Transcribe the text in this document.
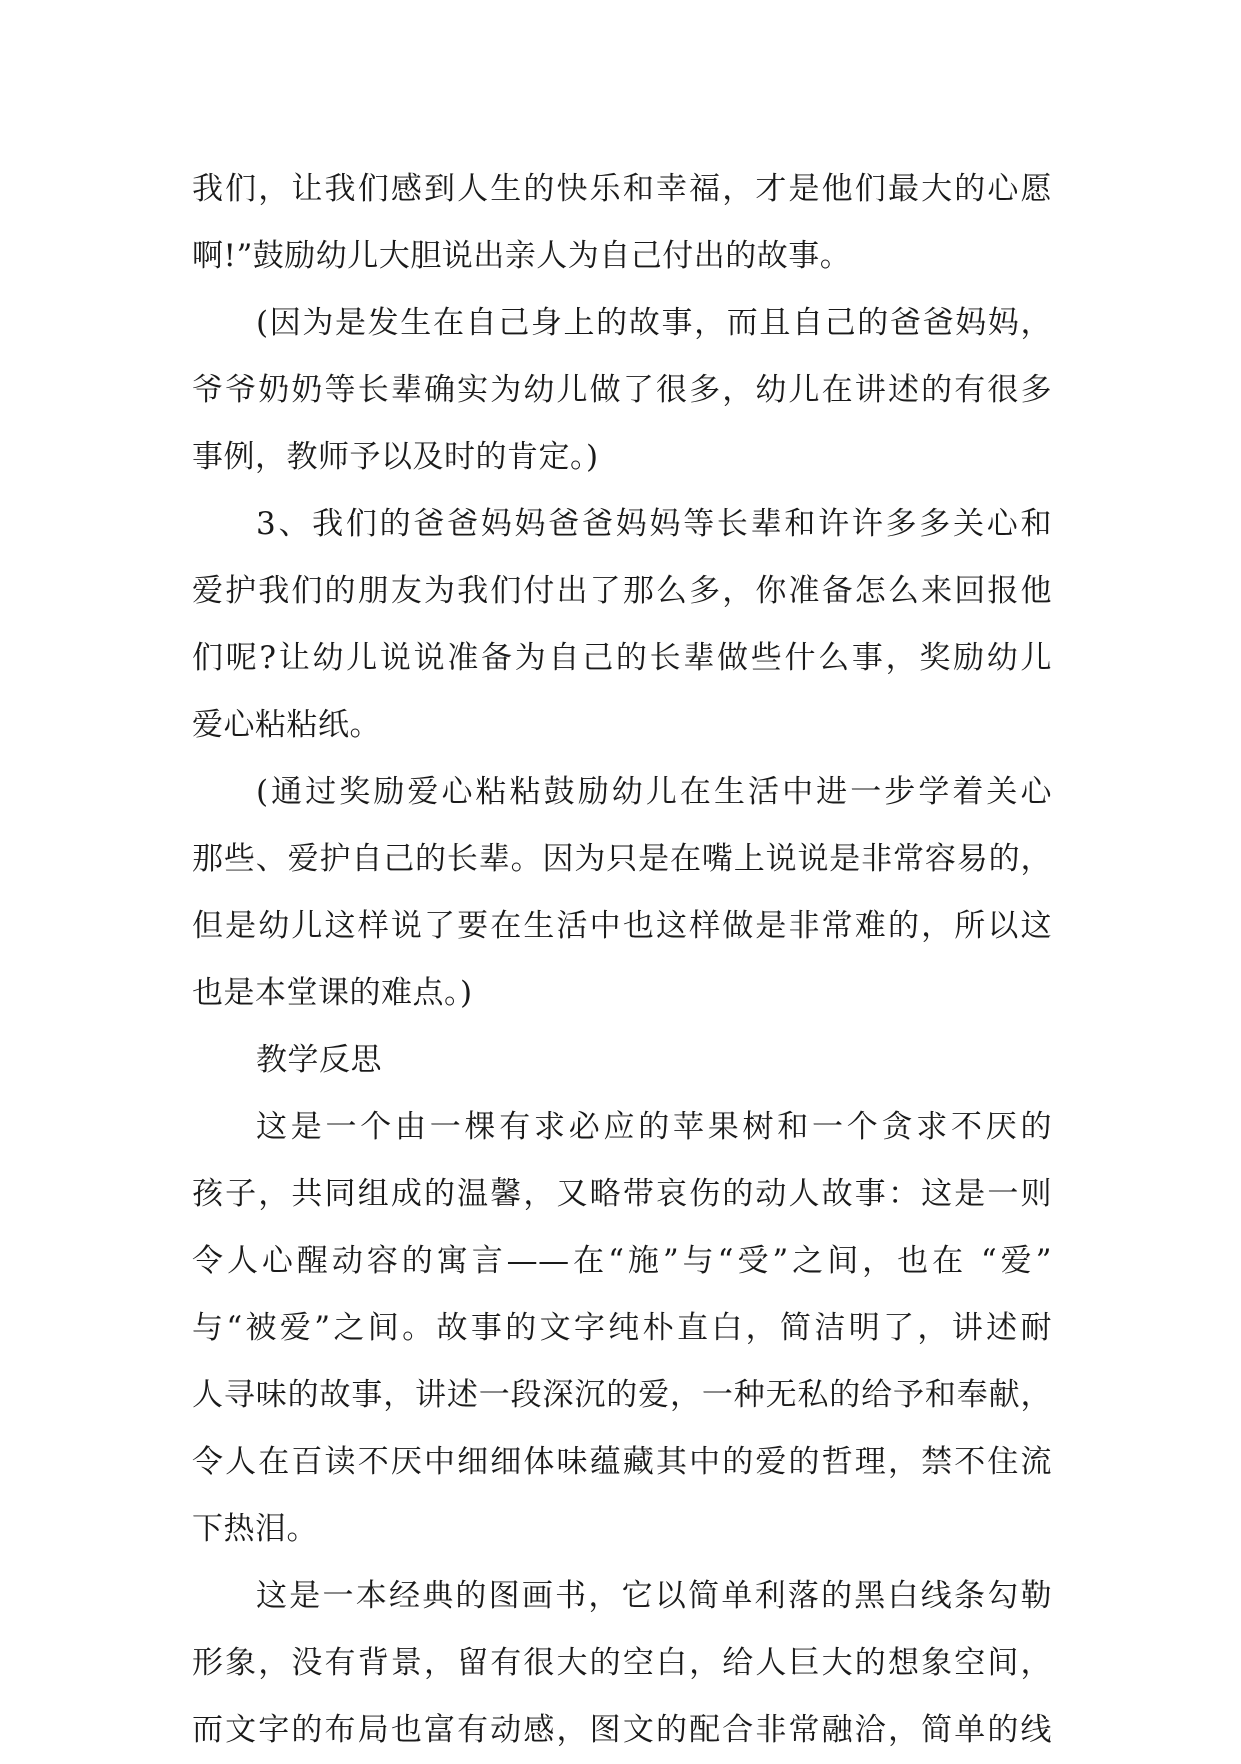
我们，让我们感到人生的快乐和幸福，才是他们最大的心愿
啊!”鼓励幼儿大胆说出亲人为自己付出的故事。
(因为是发生在自己身上的故事，而且自己的爸爸妈妈，
爷爷奶奶等长辈确实为幼儿做了很多，幼儿在讲述的有很多
事例，教师予以及时的肯定。)
3、我们的爸爸妈妈爸爸妈妈等长辈和许许多多关心和
爱护我们的朋友为我们付出了那么多，你准备怎么来回报他
们呢?让幼儿说说准备为自己的长辈做些什么事，奖励幼儿
爱心粘粘纸。
(通过奖励爱心粘粘鼓励幼儿在生活中进一步学着关心
那些、爱护自己的长辈。因为只是在嘴上说说是非常容易的，
但是幼儿这样说了要在生活中也这样做是非常难的，所以这
也是本堂课的难点。)
教学反思
这是一个由一棵有求必应的苹果树和一个贪求不厌的
孩子，共同组成的温馨，又略带哀伤的动人故事：这是一则
令人心醒动容的寓言——在“施”与“受”之间，也在 “爱”
与“被爱”之间。故事的文字纯朴直白，简洁明了，讲述耐
人寻味的故事，讲述一段深沉的爱，一种无私的给予和奉献，
令人在百读不厌中细细体味蕴藏其中的爱的哲理，禁不住流
下热泪。
这是一本经典的图画书，它以简单利落的黑白线条勾勒
形象，没有背景，留有很大的空白，给人巨大的想象空间，
而文字的布局也富有动感，图文的配合非常融洽，简单的线
